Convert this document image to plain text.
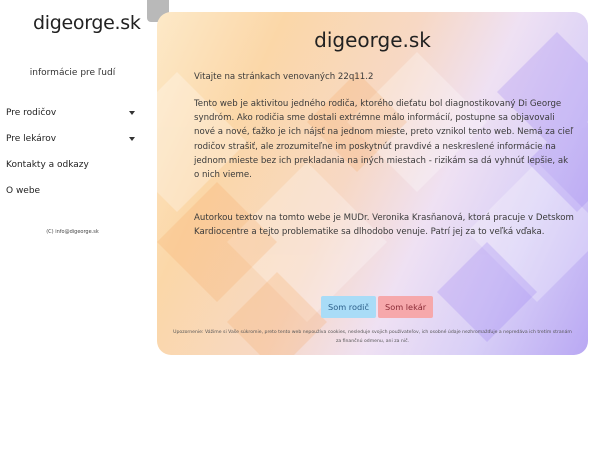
digeorge.sk
informácie pre ľudí
Pre rodičov
Pre lekárov
Kontakty a odkazy
O webe
(C) info@digeorge.sk
digeorge.sk
Vitajte na stránkach venovaných 22q11.2
Tento web je aktivitou jedného rodiča, ktorého dieťatu bol diagnostikovaný Di George syndróm. Ako rodičia sme dostali extrémne málo informácií, postupne sa objavovali nové a nové, ťažko je ich nájsť na jednom mieste, preto vznikol tento web. Nemá za cieľ rodičov strašiť, ale zrozumiteľne im poskytnúť pravdivé a neskreslené informácie na jednom mieste bez ich prekladania na iných miestach - rizikám sa dá vyhnúť lepšie, ak o nich vieme.
Autorkou textov na tomto webe je MUDr. Veronika Krasňanová, ktorá pracuje v Detskom Kardiocentre a tejto problematike sa dlhodobo venuje. Patrí jej za to veľká vďaka.
Som rodič	Som lekár
Upozornenie: Vážime si Vaše súkromie, preto tento web nepoužíva cookies, nesleduje svojich používateľov, ich osobné údaje nezhromažďuje a nepredáva ich tretím stranám za finančnú odmenu, ani za nič.
